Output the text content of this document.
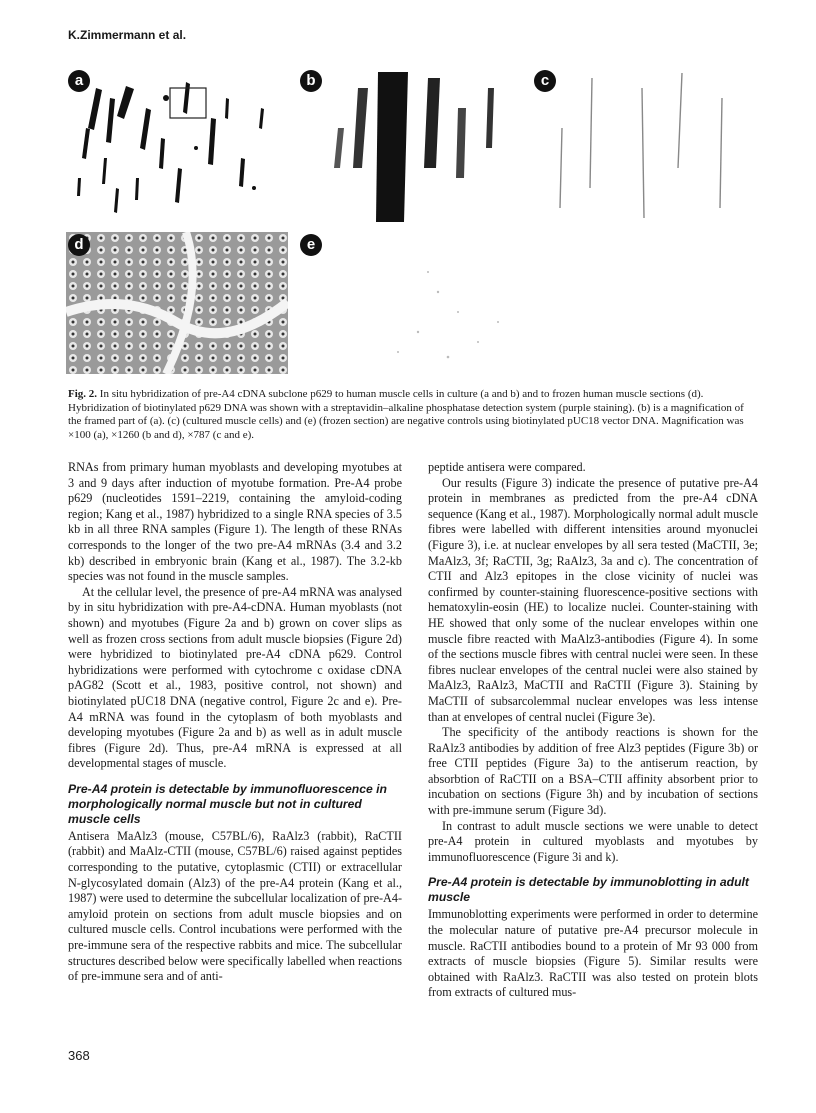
K.Zimmermann et al.
a	b	c
d	e
Fig. 2. In situ hybridization of pre-A4 cDNA subclone p629 to human muscle cells in culture (a and b) and to frozen human muscle sections (d). Hybridization of biotinylated p629 DNA was shown with a streptavidin–alkaline phosphatase detection system (purple staining). (b) is a magnification of the framed part of (a). (c) (cultured muscle cells) and (e) (frozen section) are negative controls using biotinylated pUC18 vector DNA. Magnification was ×100 (a), ×1260 (b and d), ×787 (c and e).

RNAs from primary human myoblasts and developing myotubes at 3 and 9 days after induction of myotube formation. Pre-A4 probe p629 (nucleotides 1591–2219, containing the amyloid-coding region; Kang et al., 1987) hybridized to a single RNA species of 3.5 kb in all three RNA samples (Figure 1). The length of these RNAs corresponds to the longer of the two pre-A4 mRNAs (3.4 and 3.2 kb) described in embryonic brain (Kang et al., 1987). The 3.2-kb species was not found in the muscle samples.

At the cellular level, the presence of pre-A4 mRNA was analysed by in situ hybridization with pre-A4-cDNA. Human myoblasts (not shown) and myotubes (Figure 2a and b) grown on cover slips as well as frozen cross sections from adult muscle biopsies (Figure 2d) were hybridized to biotinylated pre-A4 cDNA p629. Control hybridizations were performed with cytochrome c oxidase cDNA pAG82 (Scott et al., 1983, positive control, not shown) and biotinylated pUC18 DNA (negative control, Figure 2c and e). Pre-A4 mRNA was found in the cytoplasm of both myoblasts and developing myotubes (Figure 2a and b) as well as in adult muscle fibres (Figure 2d). Thus, pre-A4 mRNA is expressed at all developmental stages of muscle.

Pre-A4 protein is detectable by immunofluorescence in morphologically normal muscle but not in cultured muscle cells

Antisera MaAlz3 (mouse, C57BL/6), RaAlz3 (rabbit), RaCTII (rabbit) and MaAlz-CTII (mouse, C57BL/6) raised against peptides corresponding to the putative, cytoplasmic (CTII) or extracellular N-glycosylated domain (Alz3) of the pre-A4 protein (Kang et al., 1987) were used to determine the subcellular localization of pre-A4-amyloid protein on sections from adult muscle biopsies and on cultured muscle cells. Control incubations were performed with the pre-immune sera of the respective rabbits and mice. The subcellular structures described below were specifically labelled when reactions of pre-immune sera and of anti-

peptide antisera were compared.

Our results (Figure 3) indicate the presence of putative pre-A4 protein in membranes as predicted from the pre-A4 cDNA sequence (Kang et al., 1987). Morphologically normal adult muscle fibres were labelled with different intensities around myonuclei (Figure 3), i.e. at nuclear envelopes by all sera tested (MaCTII, 3e; MaAlz3, 3f; RaCTII, 3g; RaAlz3, 3a and c). The concentration of CTII and Alz3 epitopes in the close vicinity of nuclei was confirmed by counter-staining fluorescence-positive sections with hematoxylin-eosin (HE) to localize nuclei. Counter-staining with HE showed that only some of the nuclear envelopes within one muscle fibre reacted with MaAlz3-antibodies (Figure 4). In some of the sections muscle fibres with central nuclei were seen. In these fibres nuclear envelopes of the central nuclei were also stained by MaAlz3, RaAlz3, MaCTII and RaCTII (Figure 3). Staining by MaCTII of subsarcolemmal nuclear envelopes was less intense than at envelopes of central nuclei (Figure 3e).

The specificity of the antibody reactions is shown for the RaAlz3 antibodies by addition of free Alz3 peptides (Figure 3b) or free CTII peptides (Figure 3a) to the antiserum reaction, by absorbtion of RaCTII on a BSA–CTII affinity absorbent prior to incubation on sections (Figure 3h) and by incubation of sections with pre-immune serum (Figure 3d).

In contrast to adult muscle sections we were unable to detect pre-A4 protein in cultured myoblasts and myotubes by immunofluorescence (Figure 3i and k).

Pre-A4 protein is detectable by immunoblotting in adult muscle

Immunoblotting experiments were performed in order to determine the molecular nature of putative pre-A4 precursor molecule in muscle. RaCTII antibodies bound to a protein of Mr 93 000 from extracts of muscle biopsies (Figure 5). Similar results were obtained with RaAlz3. RaCTII was also tested on protein blots from extracts of cultured mus-

368
